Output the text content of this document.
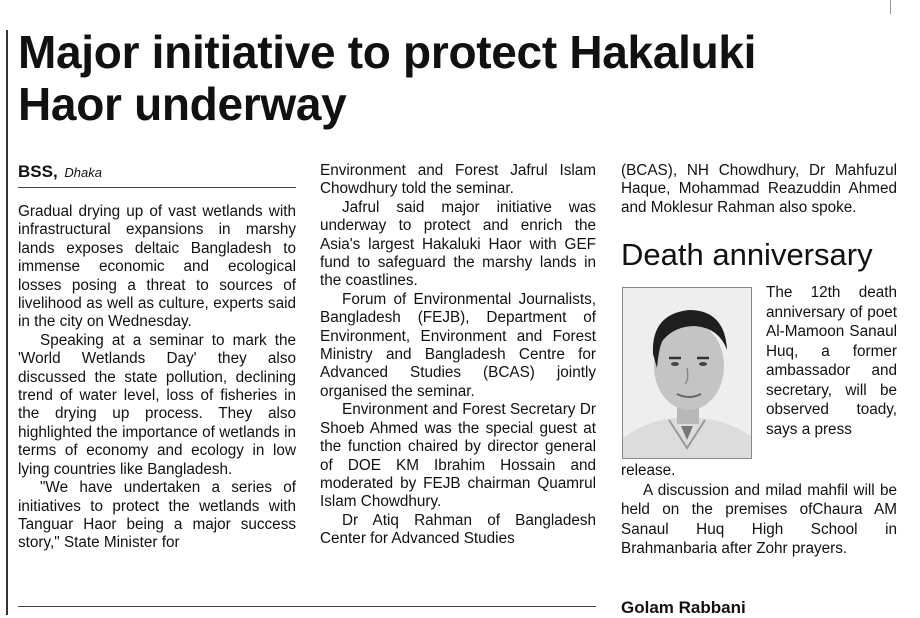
Major initiative to protect Hakaluki
Haor underway
BSS, Dhaka

Gradual drying up of vast wetlands with infrastructural expansions in marshy lands exposes deltaic Bangladesh to immense economic and ecological losses posing a threat to sources of livelihood as well as culture, experts said in the city on Wednesday.

Speaking at a seminar to mark the 'World Wetlands Day' they also discussed the state pollution, declining trend of water level, loss of fisheries in the drying up process. They also highlighted the importance of wetlands in terms of economy and ecology in low lying countries like Bangladesh.

"We have undertaken a series of initiatives to protect the wetlands with Tanguar Haor being a major success story," State Minister for

Environment and Forest Jafrul Islam Chowdhury told the seminar.

Jafrul said major initiative was underway to protect and enrich the Asia's largest Hakaluki Haor with GEF fund to safeguard the marshy lands in the coastlines.

Forum of Environmental Journalists, Bangladesh (FEJB), Department of Environment, Environment and Forest Ministry and Bangladesh Centre for Advanced Studies (BCAS) jointly organised the seminar.

Environment and Forest Secretary Dr Shoeb Ahmed was the special guest at the function chaired by director general of DOE KM Ibrahim Hossain and moderated by FEJB chairman Quamrul Islam Chowdhury.

Dr Atiq Rahman of Bangladesh Center for Advanced Studies

(BCAS), NH Chowdhury, Dr Mahfuzul Haque, Mohammad Reazuddin Ahmed and Moklesur Rahman also spoke.

Death anniversary
The 12th death anniversary of poet Al-Mamoon Sanaul Huq, a former ambassador and secretary, will be observed toady, says a press

release.

A discussion and milad mahfil will be held on the premises ofChaura AM Sanaul Huq High School in Brahmanbaria after Zohr prayers.

Golam Rabbani
